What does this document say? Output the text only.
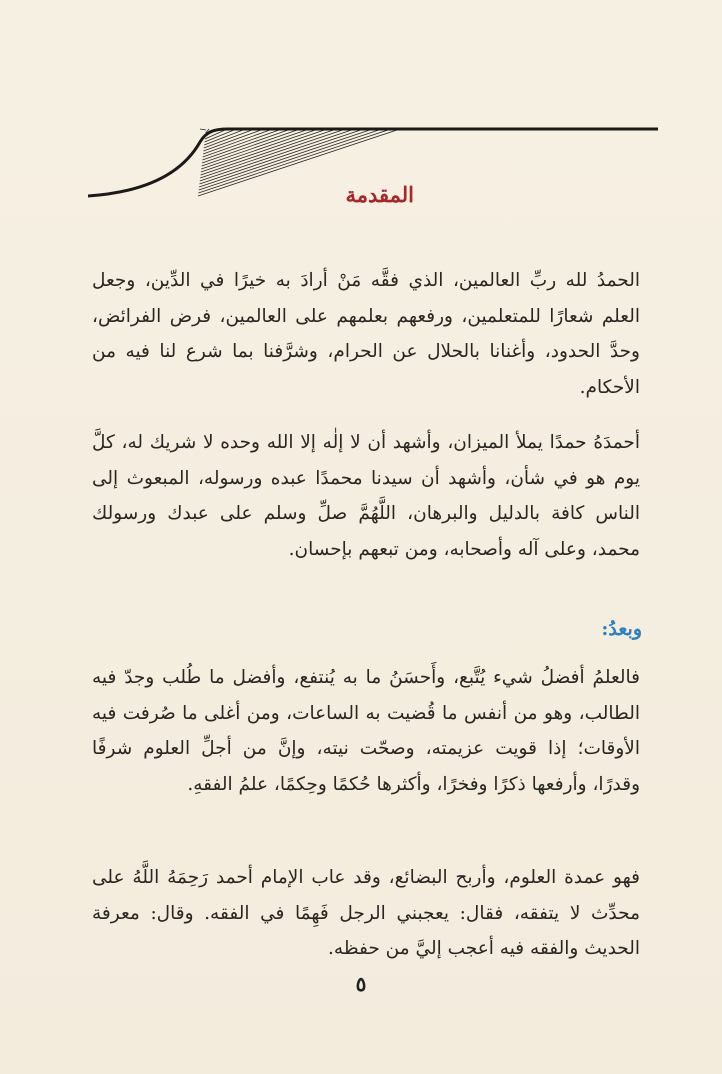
المقدمة

الحمدُ لله ربِّ العالمين، الذي فقَّه مَنْ أرادَ به خيرًا في الدِّين، وجعل العلم شعارًا للمتعلمين، ورفعهم بعلمهم على العالمين، فرض الفرائض، وحدَّ الحدود، وأغنانا بالحلال عن الحرام، وشرَّفنا بما شرع لنا فيه من الأحكام.

أحمدَهُ حمدًا يملأ الميزان، وأشهد أن لا إلٰه إلا الله وحده لا شريك له، كلَّ يوم هو في شأن، وأشهد أن سيدنا محمدًا عبده ورسوله، المبعوث إلى الناس كافة بالدليل والبرهان، اللَّهُمَّ صلِّ وسلم على عبدك ورسولك محمد، وعلى آله وأصحابه، ومن تبعهم بإحسان.

وبعدُ:

فالعلمُ أفضلُ شيء يُتَّبع، وأَحسَنُ ما به يُنتفع، وأفضل ما طُلب وجدّ فيه الطالب، وهو من أنفس ما قُضيت به الساعات، ومن أغلى ما صُرفت فيه الأوقات؛ إذا قويت عزيمته، وصحّت نيته، وإنَّ من أجلِّ العلوم شرفًا وقدرًا، وأرفعها ذكرًا وفخرًا، وأكثرها حُكمًا وحِكمًا، علمُ الفقهِ.

فهو عمدة العلوم، وأربح البضائع، وقد عاب الإمام أحمد رَحِمَهُ اللَّهُ على محدِّث لا يتفقه، فقال: يعجبني الرجل فَهِمًا في الفقه. وقال: معرفة الحديث والفقه فيه أعجب إليَّ من حفظه.

٥
